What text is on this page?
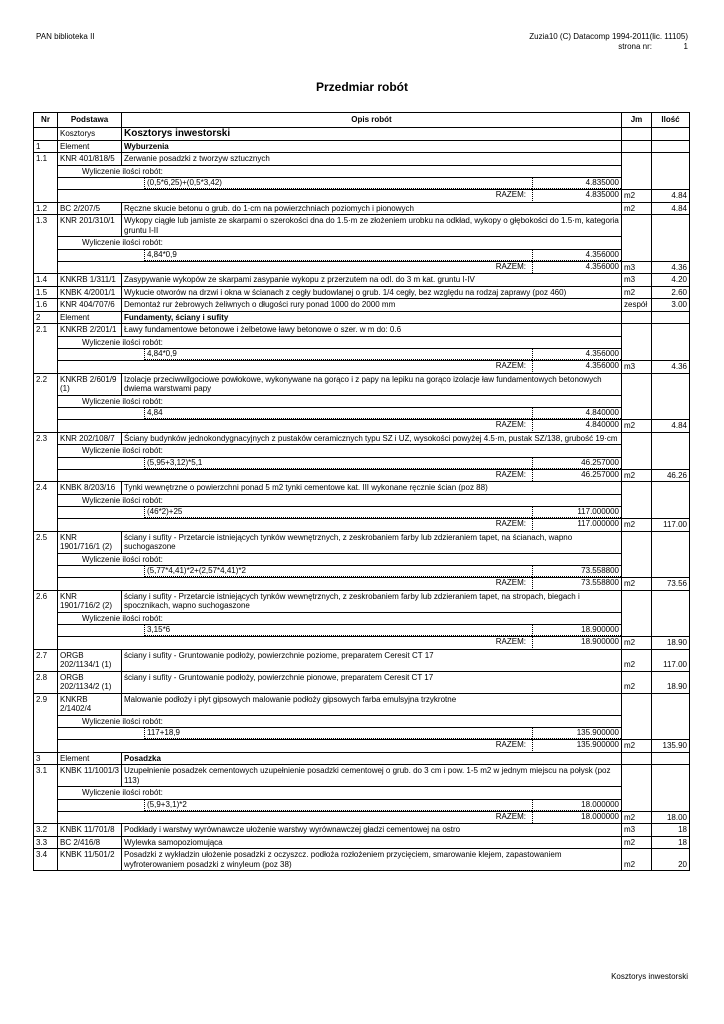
PAN biblioteka II	Zuzia10 (C) Datacomp 1994-2011(lic. 11105)
strona nr:	1
Przedmiar robót
Nr	Podstawa	Opis robót	Jm	Ilość
	Kosztorys	Kosztorys inwestorski		
1	Element	Wyburzenia		
1.1	KNR 401/818/5	Zerwanie posadzki z tworzyw sztucznych		
	Wyliczenie ilości robót:			

	(0,5*6,25)+(0,5*3,42) 4.835000			

	RAZEM: 4.835000		m2	4.84
1.2	BC 2/207/5	Ręczne skucie betonu o grub. do 1·cm na powierzchniach poziomych i pionowych	m2	4.84
1.3	KNR 201/310/1	Wykopy ciągłe lub jamiste ze skarpami o szerokości dna do 1.5·m ze złożeniem urobku na odkład, wykopy o głębokości do 1.5·m, kategoria gruntu I-II		
	Wyliczenie ilości robót:			

	4,84*0,9 4.356000			

	RAZEM: 4.356000		m3	4.36
1.4	KNKRB 1/311/1	Zasypywanie wykopów ze skarpami zasypanie wykopu z przerzutem na odl. do 3 m kat. gruntu I-IV	m3	4.20
1.5	KNBK 4/2001/1	Wykucie otworów na drzwi i okna w ścianach z cegły budowlanej o grub. 1/4 cegły, bez względu na rodzaj zaprawy (poz 460)	m2	2.60
1.6	KNR 404/707/6	Demontaż rur żebrowych żeliwnych o długości rury ponad 1000 do 2000 mm	zespół	3.00
2	Element	Fundamenty, ściany i sufity		
2.1	KNKRB 2/201/1	Ławy fundamentowe betonowe i żelbetowe ławy betonowe o szer. w m do: 0.6		
	Wyliczenie ilości robót:			

	4,84*0,9 4.356000			

	RAZEM: 4.356000		m3	4.36
2.2	KNKRB 2/601/9 (1)	Izolacje przeciwwilgociowe powłokowe, wykonywane na gorąco i z papy na lepiku na gorąco izolacje ław fundamentowych betonowych dwiema warstwami papy		
	Wyliczenie ilości robót:			

	4,84 4.840000			

	RAZEM: 4.840000		m2	4.84
2.3	KNR 202/108/7	Ściany budynków jednokondygnacyjnych z pustaków ceramicznych typu SZ i UZ, wysokości powyżej 4.5·m, pustak SZ/138, grubość 19·cm		
	Wyliczenie ilości robót:			

	(5,95+3,12)*5,1 46.257000			

	RAZEM: 46.257000		m2	46.26
2.4	KNBK 8/203/16	Tynki wewnętrzne o powierzchni ponad 5 m2 tynki cementowe kat. III wykonane ręcznie ścian (poz 88)		
	Wyliczenie ilości robót:			

	(46*2)+25 117.000000			

	RAZEM: 117.000000		m2	117.00
2.5	KNR 1901/716/1 (2)	ściany i sufity - Przetarcie istniejących tynków wewnętrznych, z zeskrobaniem farby lub zdzieraniem tapet, na ścianach, wapno suchogaszone		
	Wyliczenie ilości robót:			

	(5,77*4,41)*2+(2,57*4,41)*2 73.558800			

	RAZEM: 73.558800		m2	73.56
2.6	KNR 1901/716/2 (2)	ściany i sufity - Przetarcie istniejących tynków wewnętrznych, z zeskrobaniem farby lub zdzieraniem tapet, na stropach, biegach i spocznikach, wapno suchogaszone		
	Wyliczenie ilości robót:			

	3,15*6 18.900000			

	RAZEM: 18.900000		m2	18.90
2.7	ORGB 202/1134/1 (1)	ściany i sufity - Gruntowanie podłoży, powierzchnie poziome, preparatem Ceresit CT 17	m2	117.00
2.8	ORGB 202/1134/2 (1)	ściany i sufity - Gruntowanie podłoży, powierzchnie pionowe, preparatem Ceresit CT 17	m2	18.90
2.9	KNKRB 2/1402/4	Malowanie podłoży i płyt gipsowych malowanie podłoży gipsowych farba emulsyjna trzykrotne		
	Wyliczenie ilości robót:			

	117+18,9 135.900000			

	RAZEM: 135.900000		m2	135.90
3	Element	Posadzka		
3.1	KNBK 11/1001/3	Uzupełnienie posadzek cementowych uzupełnienie posadzki cementowej o grub. do 3 cm i pow. 1-5 m2 w jednym miejscu na połysk (poz 113)		
	Wyliczenie ilości robót:			

	(5,9+3,1)*2 18.000000			

	RAZEM: 18.000000		m2	18.00
3.2	KNBK 11/701/8	Podkłady i warstwy wyrównawcze ułożenie warstwy wyrównawczej gładzi cementowej na ostro	m3	18
3.3	BC 2/416/8	Wylewka samopoziomująca	m2	18
3.4	KNBK 11/501/2	Posadzki z wykładzin ułożenie posadzki z oczyszcz. podłoża rozłożeniem przycięciem, smarowanie klejem, zapastowaniem wyfroterowaniem posadzki z winyleum (poz 38)	m2	20
Kosztorys inwestorski
